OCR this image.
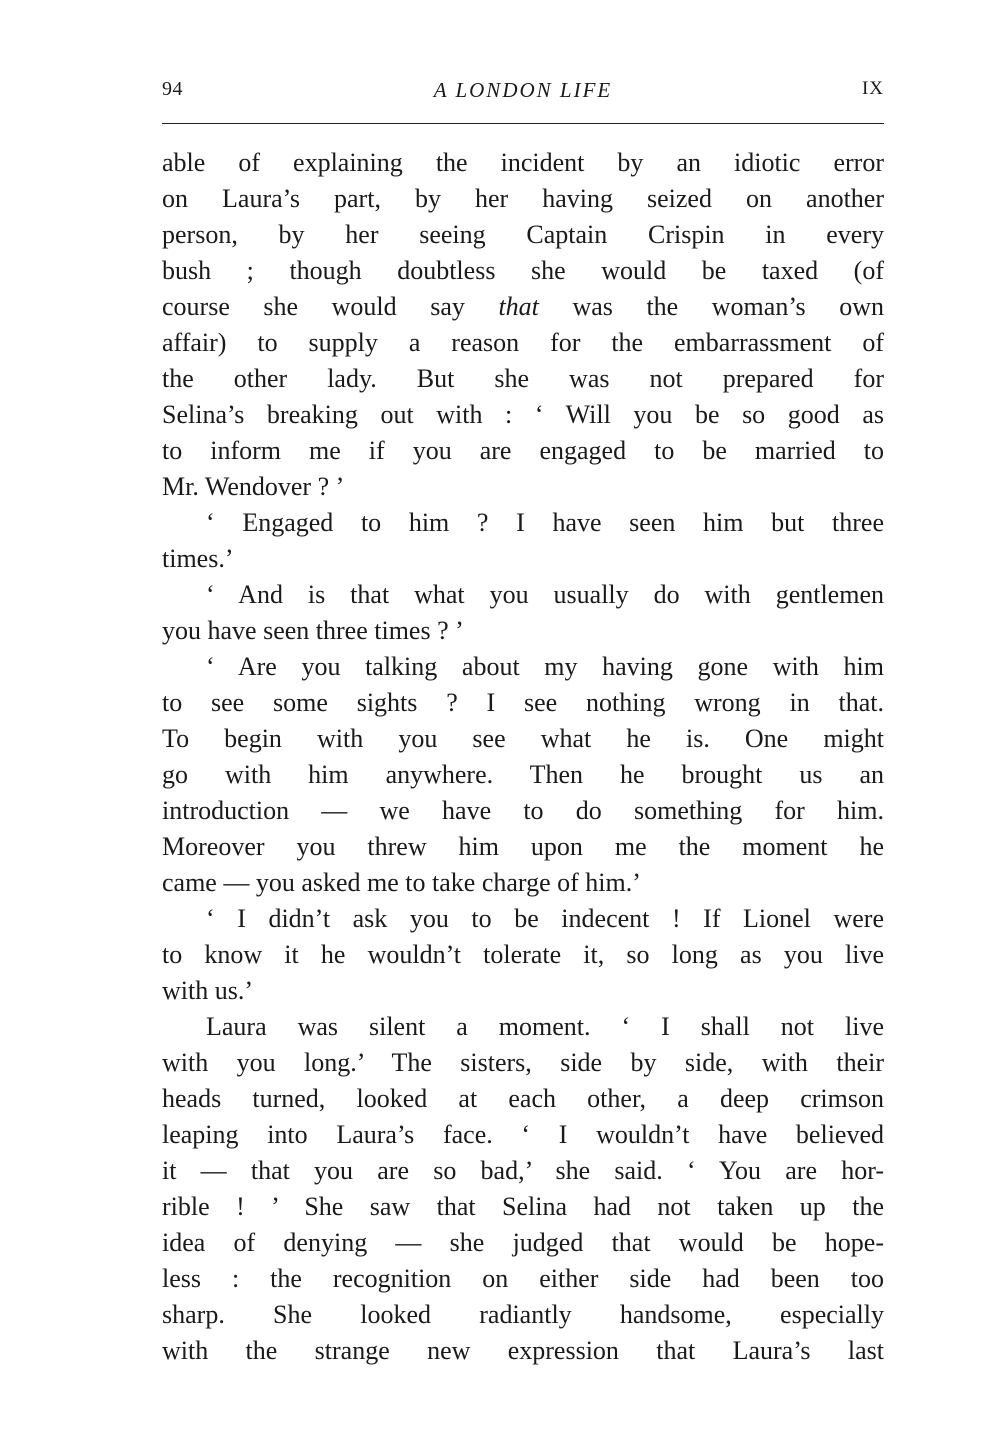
94	A LONDON LIFE	IX
able of explaining the incident by an idiotic error
on Laura’s part, by her having seized on another
person, by her seeing Captain Crispin in every
bush ; though doubtless she would be taxed (of
course she would say that was the woman’s own
affair) to supply a reason for the embarrassment of
the other lady. But she was not prepared for
Selina’s breaking out with : ‘ Will you be so good as
to inform me if you are engaged to be married to
Mr. Wendover ? ’
‘ Engaged to him ? I have seen him but three
times.’
‘ And is that what you usually do with gentlemen
you have seen three times ? ’
‘ Are you talking about my having gone with him
to see some sights ? I see nothing wrong in that.
To begin with you see what he is. One might
go with him anywhere. Then he brought us an
introduction — we have to do something for him.
Moreover you threw him upon me the moment he
came — you asked me to take charge of him.’
‘ I didn’t ask you to be indecent ! If Lionel were
to know it he wouldn’t tolerate it, so long as you live
with us.’
Laura was silent a moment. ‘ I shall not live
with you long.’ The sisters, side by side, with their
heads turned, looked at each other, a deep crimson
leaping into Laura’s face. ‘ I wouldn’t have believed
it — that you are so bad,’ she said. ‘ You are hor-
rible ! ’ She saw that Selina had not taken up the
idea of denying — she judged that would be hope-
less : the recognition on either side had been too
sharp. She looked radiantly handsome, especially
with the strange new expression that Laura’s last
